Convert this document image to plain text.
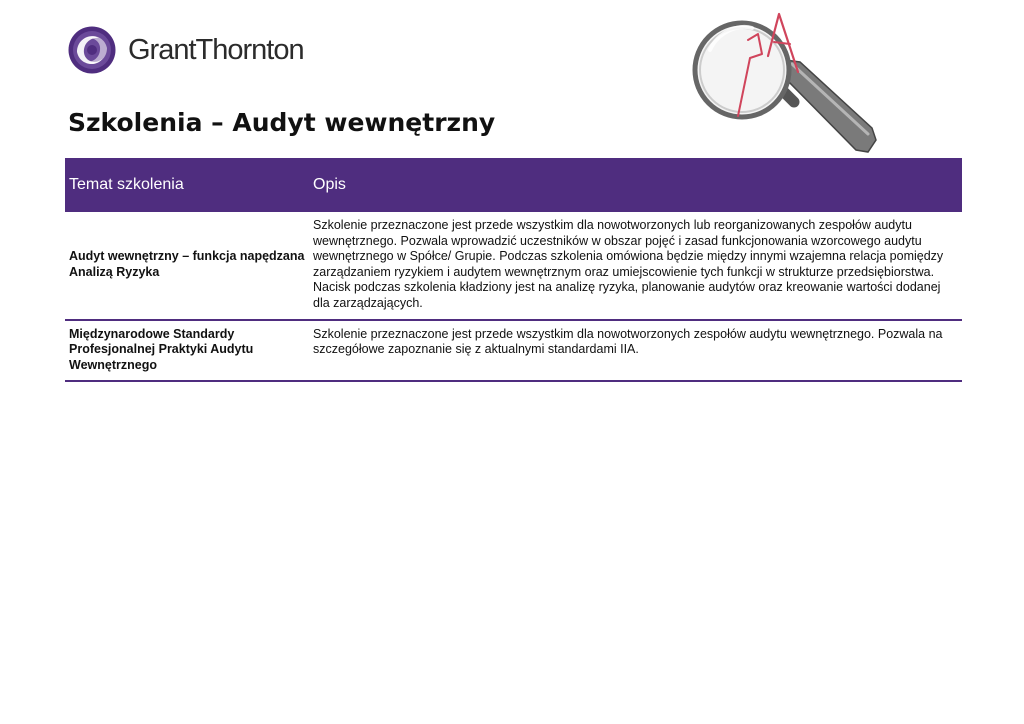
GrantThornton
Szkolenia – Audyt wewnętrzny
Temat szkolenia	Opis
Audyt wewnętrzny – funkcja napędzana Analizą Ryzyka	Szkolenie przeznaczone jest przede wszystkim dla nowotworzonych lub reorganizowanych zespołów audytu wewnętrznego. Pozwala wprowadzić uczestników w obszar pojęć i zasad funkcjonowania wzorcowego audytu wewnętrznego w Spółce/ Grupie. Podczas szkolenia omówiona będzie między innymi wzajemna relacja pomiędzy zarządzaniem ryzykiem i audytem wewnętrznym oraz umiejscowienie tych funkcji w strukturze przedsiębiorstwa. Nacisk podczas szkolenia kładziony jest na analizę ryzyka, planowanie audytów oraz kreowanie wartości dodanej dla zarządzających.
Międzynarodowe Standardy Profesjonalnej Praktyki Audytu Wewnętrznego	Szkolenie przeznaczone jest przede wszystkim dla nowotworzonych zespołów audytu wewnętrznego. Pozwala na szczegółowe zapoznanie się z aktualnymi standardami IIA.
